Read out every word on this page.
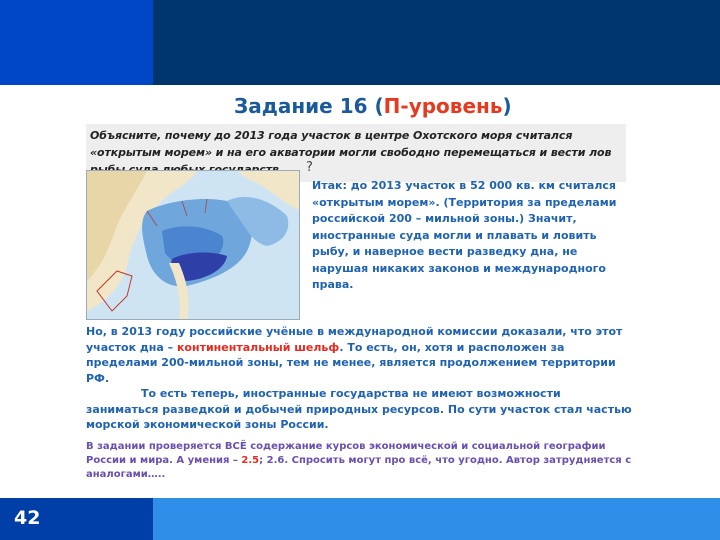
Задание 16 (П-уровень)
Объясните, почему до 2013 года участок в центре Охотского моря считался «открытым морем» и на его акватории могли свободно перемещаться и вести лов
?
Итак: до 2013 участок в 52 000 кв. км считался «открытым морем». (Территория за пределами российской 200 – мильной зоны.) Значит, иностранные суда могли и плавать и ловить рыбу, и наверное вести разведку дна, не нарушая никаких законов и международного права.
Но, в 2013 году российские учёные в международной комиссии доказали, что этот участок дна – континентальный шельф. То есть, он, хотя и расположен за пределами 200-мильной зоны, тем не менее, является продолжением территории РФ.
То есть теперь, иностранные государства не имеют возможности заниматься разведкой и добычей природных ресурсов. По сути участок стал частью морской экономической зоны России.
В задании проверяется ВСЁ содержание курсов экономической и социальной географии России и мира. А умения – 2.5; 2.6. Спросить могут про всё, что угодно. Автор затрудняется с аналогами…..
42
